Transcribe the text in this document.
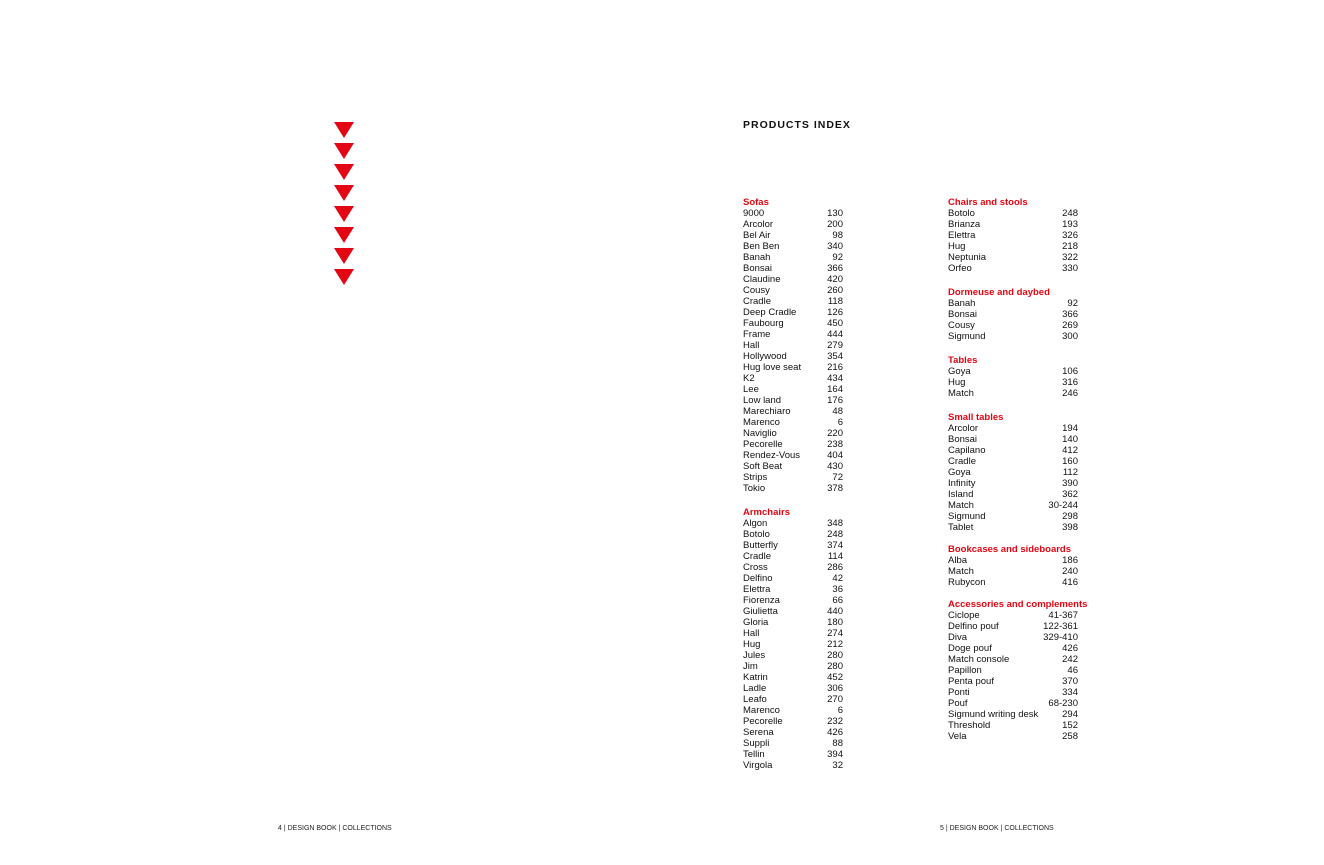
PRODUCTS INDEX
Sofas
9000	130
Arcolor	200
Bel Air	98
Ben Ben	340
Banah	92
Bonsai	366
Claudine	420
Cousy	260
Cradle	118
Deep Cradle	126
Faubourg	450
Frame	444
Hall	279
Hollywood	354
Hug love seat	216
K2	434
Lee	164
Low land	176
Marechiaro	48
Marenco	6
Naviglio	220
Pecorelle	238
Rendez-Vous	404
Soft Beat	430
Strips	72
Tokio	378
Armchairs
Algon	348
Botolo	248
Butterfly	374
Cradle	114
Cross	286
Delfino	42
Elettra	36
Fiorenza	66
Giulietta	440
Gloria	180
Hall	274
Hug	212
Jules	280
Jim	280
Katrin	452
Ladle	306
Leafo	270
Marenco	6
Pecorelle	232
Serena	426
Suppli	88
Tellin	394
Virgola	32
Chairs and stools
Botolo	248
Brianza	193
Elettra	326
Hug	218
Neptunia	322
Orfeo	330
Dormeuse and daybed
Banah	92
Bonsai	366
Cousy	269
Sigmund	300
Tables
Goya	106
Hug	316
Match	246
Small tables
Arcolor	194
Bonsai	140
Capilano	412
Cradle	160
Goya	112
Infinity	390
Island	362
Match	30-244
Sigmund	298
Tablet	398
Bookcases and sideboards
Alba	186
Match	240
Rubycon	416
Accessories and complements
Ciclope	41-367
Delfino pouf	122-361
Diva	329-410
Doge pouf	426
Match console	242
Papillon	46
Penta pouf	370
Ponti	334
Pouf	68-230
Sigmund writing desk	294
Threshold	152
Vela	258
4 | DESIGN BOOK | COLLECTIONS	5 | DESIGN BOOK | COLLECTIONS
